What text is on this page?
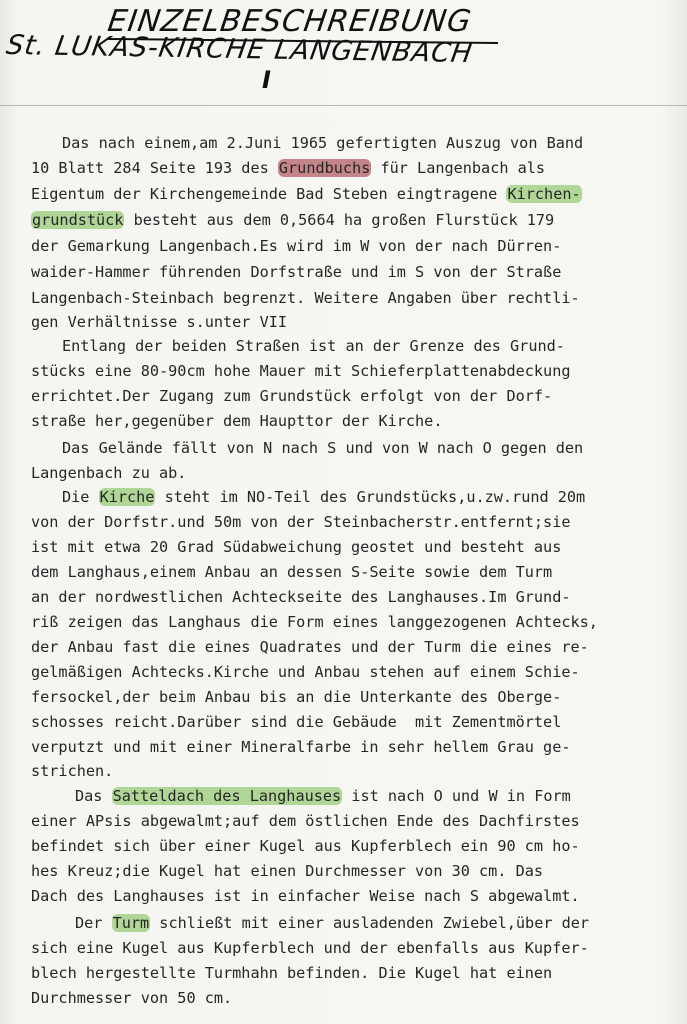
EINZELBESCHREIBUNG
St. LUKAS-KIRCHE LANGENBACH
I

Das nach einem,am 2.Juni 1965 gefertigten Auszug von Band

10 Blatt 284 Seite 193 des Grundbuchs für Langenbach als

Eigentum der Kirchengemeinde Bad Steben eingtragene Kirchen-

grundstück besteht aus dem 0,5664 ha großen Flurstück 179

der Gemarkung Langenbach.Es wird im W von der nach Dürren-

waider-Hammer führenden Dorfstraße und im S von der Straße

Langenbach-Steinbach begrenzt. Weitere Angaben über rechtli-

gen Verhältnisse s.unter VII

Entlang der beiden Straßen ist an der Grenze des Grund-

stücks eine 80-90cm hohe Mauer mit Schieferplattenabdeckung

errichtet.Der Zugang zum Grundstück erfolgt von der Dorf-

straße her,gegenüber dem Haupttor der Kirche.

Das Gelände fällt von N nach S und von W nach O gegen den

Langenbach zu ab.

Die Kirche steht im NO-Teil des Grundstücks,u.zw.rund 20m

von der Dorfstr.und 50m von der Steinbacherstr.entfernt;sie

ist mit etwa 20 Grad Südabweichung geostet und besteht aus

dem Langhaus,einem Anbau an dessen S-Seite sowie dem Turm

an der nordwestlichen Achteckseite des Langhauses.Im Grund-

riß zeigen das Langhaus die Form eines langgezogenen Achtecks,

der Anbau fast die eines Quadrates und der Turm die eines re-

gelmäßigen Achtecks.Kirche und Anbau stehen auf einem Schie-

fersockel,der beim Anbau bis an die Unterkante des Oberge-

schosses reicht.Darüber sind die Gebäude  mit Zementmörtel

verputzt und mit einer Mineralfarbe in sehr hellem Grau ge-

strichen.

Das Satteldach des Langhauses ist nach O und W in Form

einer APsis abgewalmt;auf dem östlichen Ende des Dachfirstes

befindet sich über einer Kugel aus Kupferblech ein 90 cm ho-

hes Kreuz;die Kugel hat einen Durchmesser von 30 cm. Das

Dach des Langhauses ist in einfacher Weise nach S abgewalmt.

Der Turm schließt mit einer ausladenden Zwiebel,über der

sich eine Kugel aus Kupferblech und der ebenfalls aus Kupfer-

blech hergestellte Turmhahn befinden. Die Kugel hat einen

Durchmesser von 50 cm.
